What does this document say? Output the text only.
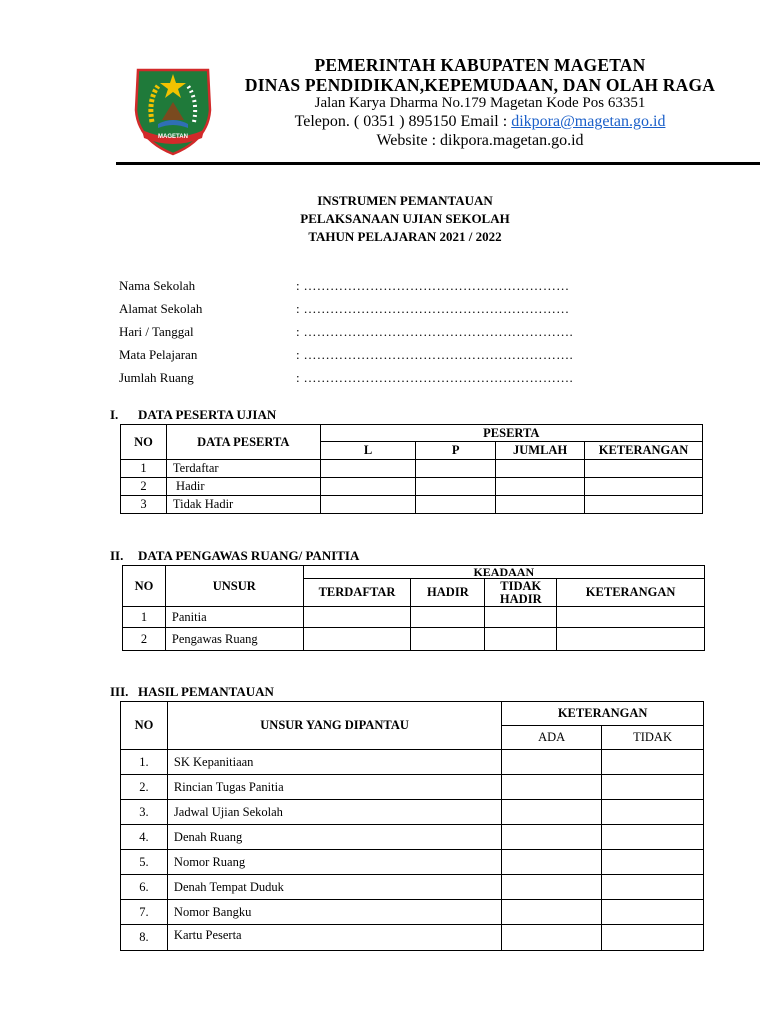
MAGETAN
PEMERINTAH KABUPATEN MAGETAN
DINAS PENDIDIKAN,KEPEMUDAAN, DAN OLAH RAGA
Jalan Karya Dharma No.179 Magetan Kode Pos 63351
Telepon. ( 0351 ) 895150 Email : dikpora@magetan.go.id
Website : dikpora.magetan.go.id
INSTRUMEN PEMANTAUAN
PELAKSANAAN UJIAN SEKOLAH
TAHUN PELAJARAN 2021 / 2022
Nama Sekolah	: ……………………………………………………
Alamat Sekolah	: ……………………………………………………
Hari / Tanggal	: …………………………………………………….
Mata Pelajaran	: …………………………………………………….
Jumlah Ruang	: …………………………………………………….
I. DATA PESERTA UJIAN
NO	DATA PESERTA	PESERTA			
		L	P	JUMLAH	KETERANGAN
1	Terdaftar				
2	Hadir				
3	Tidak Hadir				
II. DATA PENGAWAS RUANG/ PANITIA
NO	UNSUR	KEADAAN			
		TERDAFTAR	HADIR	TIDAK
HADIR	KETERANGAN
1	Panitia				
2	Pengawas Ruang				
III. HASIL PEMANTAUAN
NO	UNSUR YANG DIPANTAU	KETERANGAN	
		ADA	TIDAK
1.	SK Kepanitiaan		
2.	Rincian Tugas Panitia		
3.	Jadwal Ujian Sekolah		
4.	Denah Ruang		
5.	Nomor Ruang		
6.	Denah Tempat Duduk		
7.	Nomor Bangku		
8.	Kartu Peserta		
